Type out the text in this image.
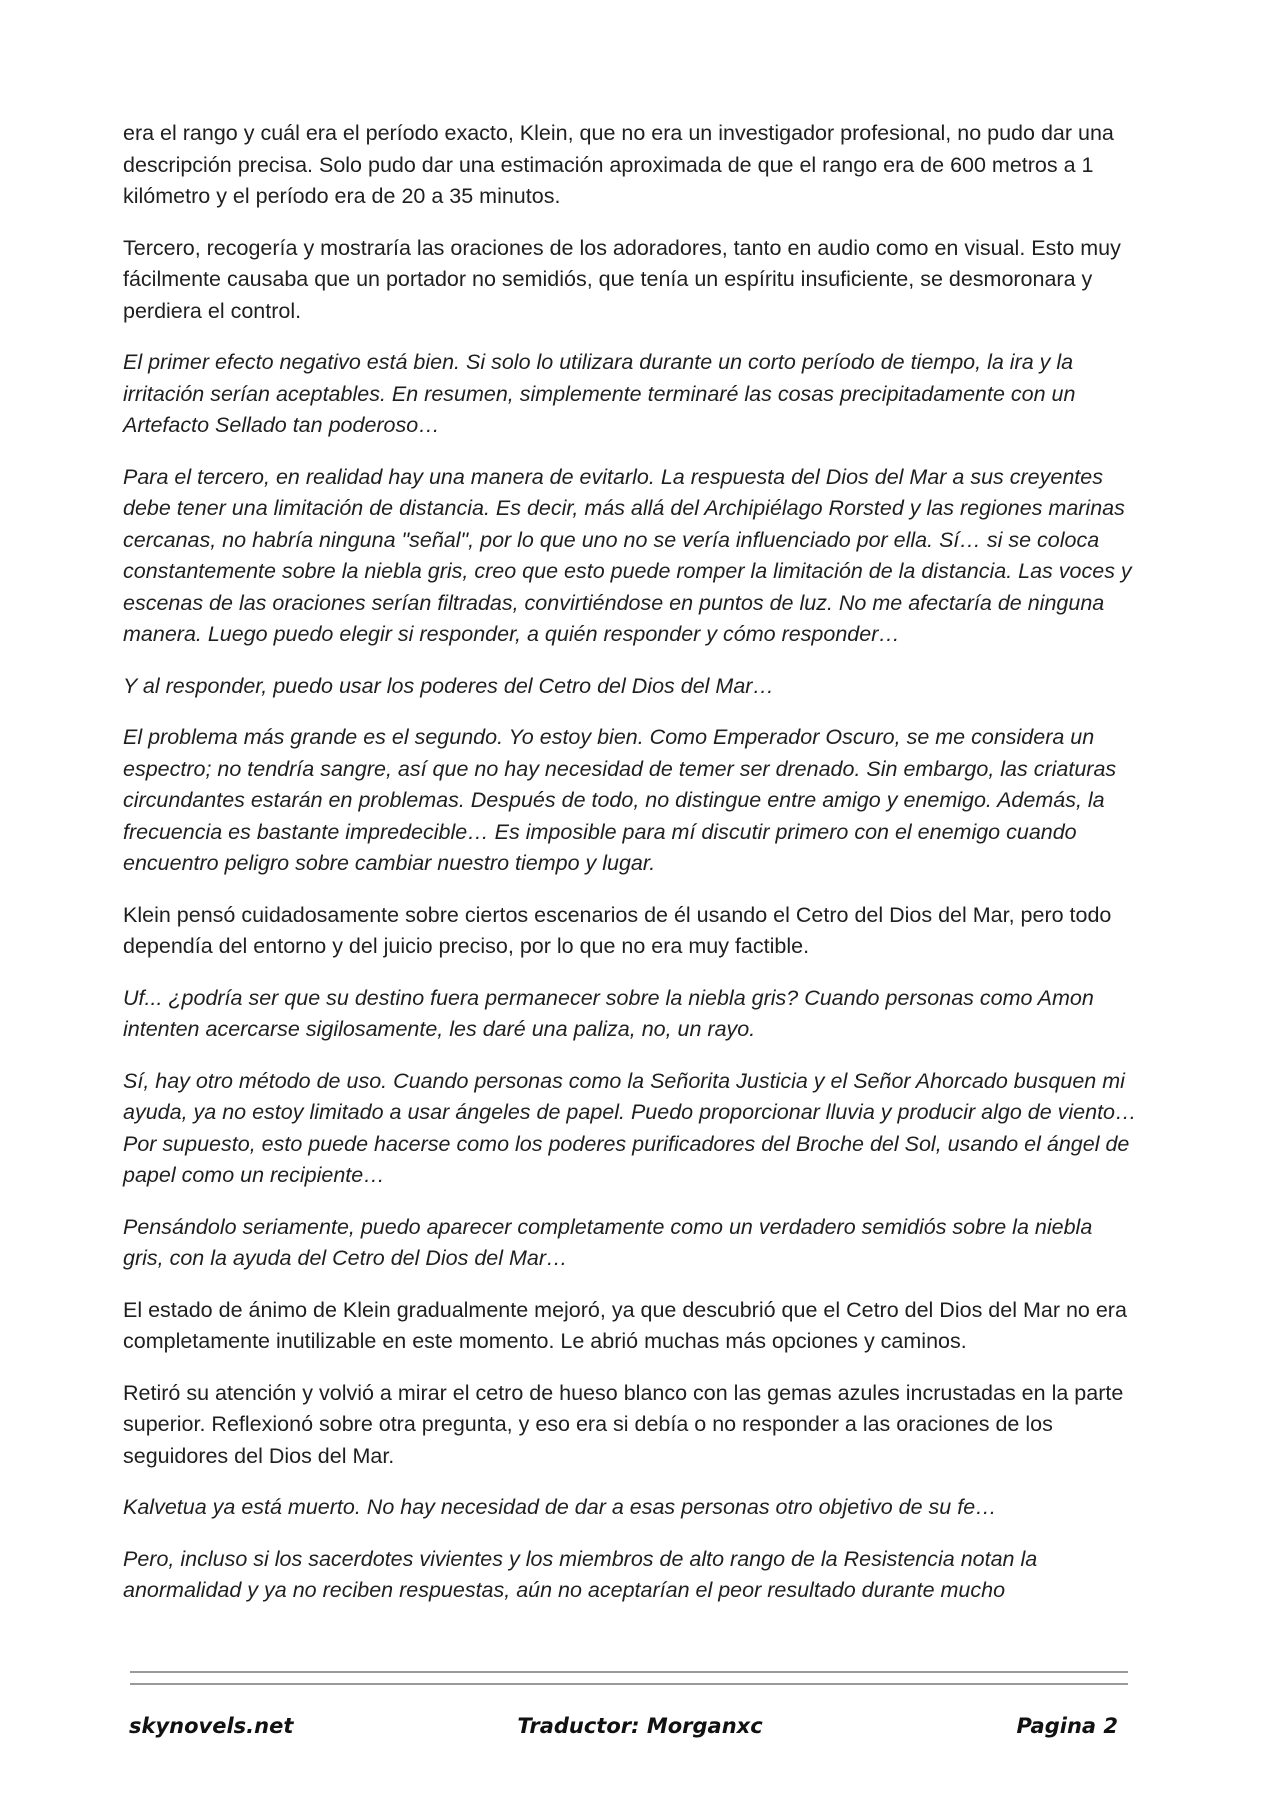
era el rango y cuál era el período exacto, Klein, que no era un investigador profesional, no pudo dar una descripción precisa. Solo pudo dar una estimación aproximada de que el rango era de 600 metros a 1 kilómetro y el período era de 20 a 35 minutos.

Tercero, recogería y mostraría las oraciones de los adoradores, tanto en audio como en visual. Esto muy fácilmente causaba que un portador no semidiós, que tenía un espíritu insuficiente, se desmoronara y perdiera el control.

El primer efecto negativo está bien. Si solo lo utilizara durante un corto período de tiempo, la ira y la irritación serían aceptables. En resumen, simplemente terminaré las cosas precipitadamente con un Artefacto Sellado tan poderoso…

Para el tercero, en realidad hay una manera de evitarlo. La respuesta del Dios del Mar a sus creyentes debe tener una limitación de distancia. Es decir, más allá del Archipiélago Rorsted y las regiones marinas cercanas, no habría ninguna "señal", por lo que uno no se vería influenciado por ella. Sí… si se coloca constantemente sobre la niebla gris, creo que esto puede romper la limitación de la distancia. Las voces y escenas de las oraciones serían filtradas, convirtiéndose en puntos de luz. No me afectaría de ninguna manera. Luego puedo elegir si responder, a quién responder y cómo responder…

Y al responder, puedo usar los poderes del Cetro del Dios del Mar…

El problema más grande es el segundo. Yo estoy bien. Como Emperador Oscuro, se me considera un espectro; no tendría sangre, así que no hay necesidad de temer ser drenado. Sin embargo, las criaturas circundantes estarán en problemas. Después de todo, no distingue entre amigo y enemigo. Además, la frecuencia es bastante impredecible… Es imposible para mí discutir primero con el enemigo cuando encuentro peligro sobre cambiar nuestro tiempo y lugar.

Klein pensó cuidadosamente sobre ciertos escenarios de él usando el Cetro del Dios del Mar, pero todo dependía del entorno y del juicio preciso, por lo que no era muy factible.

Uf... ¿podría ser que su destino fuera permanecer sobre la niebla gris? Cuando personas como Amon intenten acercarse sigilosamente, les daré una paliza, no, un rayo.

Sí, hay otro método de uso. Cuando personas como la Señorita Justicia y el Señor Ahorcado busquen mi ayuda, ya no estoy limitado a usar ángeles de papel. Puedo proporcionar lluvia y producir algo de viento… Por supuesto, esto puede hacerse como los poderes purificadores del Broche del Sol, usando el ángel de papel como un recipiente…

Pensándolo seriamente, puedo aparecer completamente como un verdadero semidiós sobre la niebla gris, con la ayuda del Cetro del Dios del Mar…

El estado de ánimo de Klein gradualmente mejoró, ya que descubrió que el Cetro del Dios del Mar no era completamente inutilizable en este momento. Le abrió muchas más opciones y caminos.

Retiró su atención y volvió a mirar el cetro de hueso blanco con las gemas azules incrustadas en la parte superior. Reflexionó sobre otra pregunta, y eso era si debía o no responder a las oraciones de los seguidores del Dios del Mar.

Kalvetua ya está muerto. No hay necesidad de dar a esas personas otro objetivo de su fe…

Pero, incluso si los sacerdotes vivientes y los miembros de alto rango de la Resistencia notan la anormalidad y ya no reciben respuestas, aún no aceptarían el peor resultado durante mucho

skynovels.net	Traductor: Morganxc	Pagina 2
